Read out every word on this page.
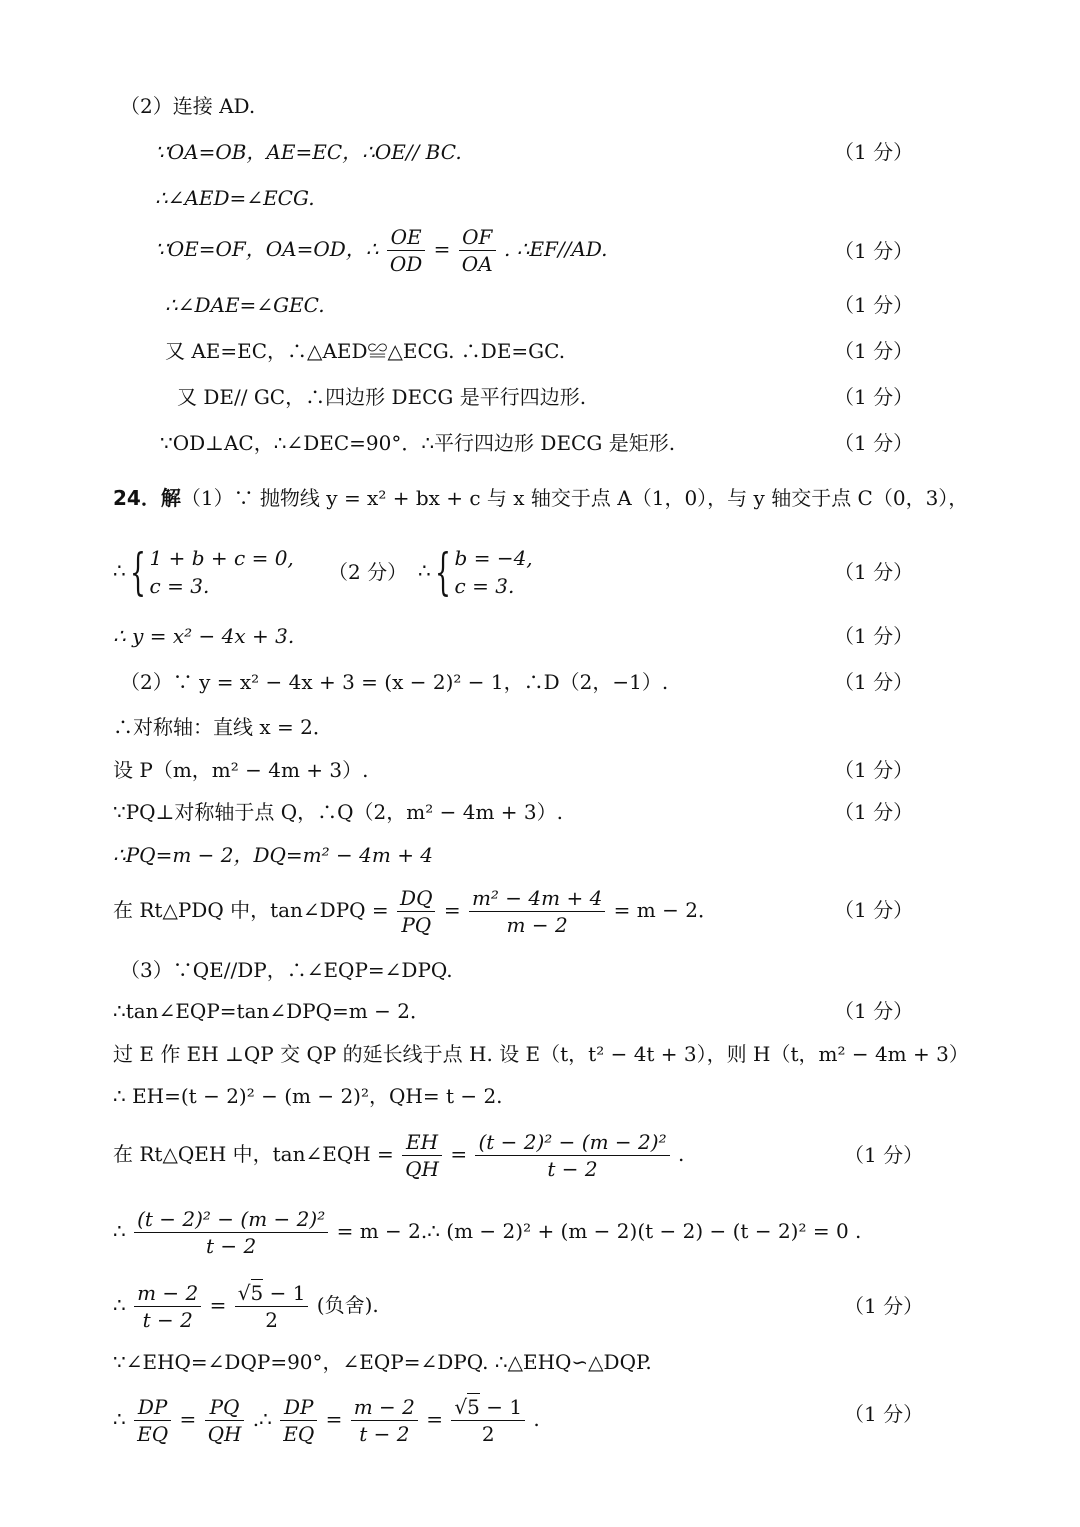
（2）连接 AD.
∵OA=OB，AE=EC，∴OE// BC.	（1 分）
∴∠AED=∠ECG.
∵OE=OF，OA=OD，∴ $\frac{OE}{OD} = \frac{OF}{OA}$ . ∴EF//AD.	（1 分）
∴∠DAE=∠GEC.	（1 分）
又 AE=EC，∴△AED≌△ECG. ∴DE=GC.	（1 分）
又 DE// GC，∴四边形 DECG 是平行四边形.	（1 分）
∵OD⊥AC，∴∠DEC=90°．∴平行四边形 DECG 是矩形.	（1 分）
24．解（1）∵ 抛物线 y = x² + bx + c 与 x 轴交于点 A（1，0），与 y 轴交于点 C（0，3），
∴{ 1 + b + c = 0,
c = 3.
（2 分） ∴{ b = −4,
c = 3.
（1 分）
∴ y = x² − 4x + 3.	（1 分）
（2）∵ y = x² − 4x + 3 = (x − 2)² − 1，∴D（2，−1）.	（1 分）
∴对称轴：直线 x = 2．
设 P（m，m² − 4m + 3）.	（1 分）
∵PQ⊥对称轴于点 Q，∴Q（2，m² − 4m + 3）.	（1 分）
∴PQ=m − 2，DQ=m² − 4m + 4
在 Rt△PDQ 中，tan∠DPQ = $\frac{DQ}{PQ} = \frac{\text{m² − 4m + 4}}{m - 2} = m - 2$．	（1 分）
（3）∵QE//DP，∴∠EQP=∠DPQ.
∴tan∠EQP=tan∠DPQ=m − 2．	（1 分）
过 E 作 EH ⊥QP 交 QP 的延长线于点 H. 设 E（t，t² − 4t + 3），则 H（t，m² − 4m + 3）
∴ EH=(t − 2)² − (m − 2)²，QH= t − 2.
在 Rt△QEH 中，tan∠EQH = $\frac{EH}{QH} = \frac{\text{(t − 2)² − (m − 2)²}}{t - 2}$ .	（1 分）
∴ $\frac{\text{(t − 2)² − (m − 2)²}}{t - 2} = m$ − 2.∴ (m − 2)² + (m − 2)(t − 2) − (t − 2)² = 0 .
∴ $\frac{m - 2}{t - 2} = \frac{√5 - 1}{2}$ (负舍).	（1 分）
∵∠EHQ=∠DQP=90°，∠EQP=∠DPQ. ∴△EHQ∽△DQP.
∴ $\frac{DP}{EQ} = \frac{PQ}{QH}$ .∴ $\frac{DP}{EQ} = \frac{m - 2}{t - 2} = \frac{√5 - 1}{2}$ .	（1 分）
